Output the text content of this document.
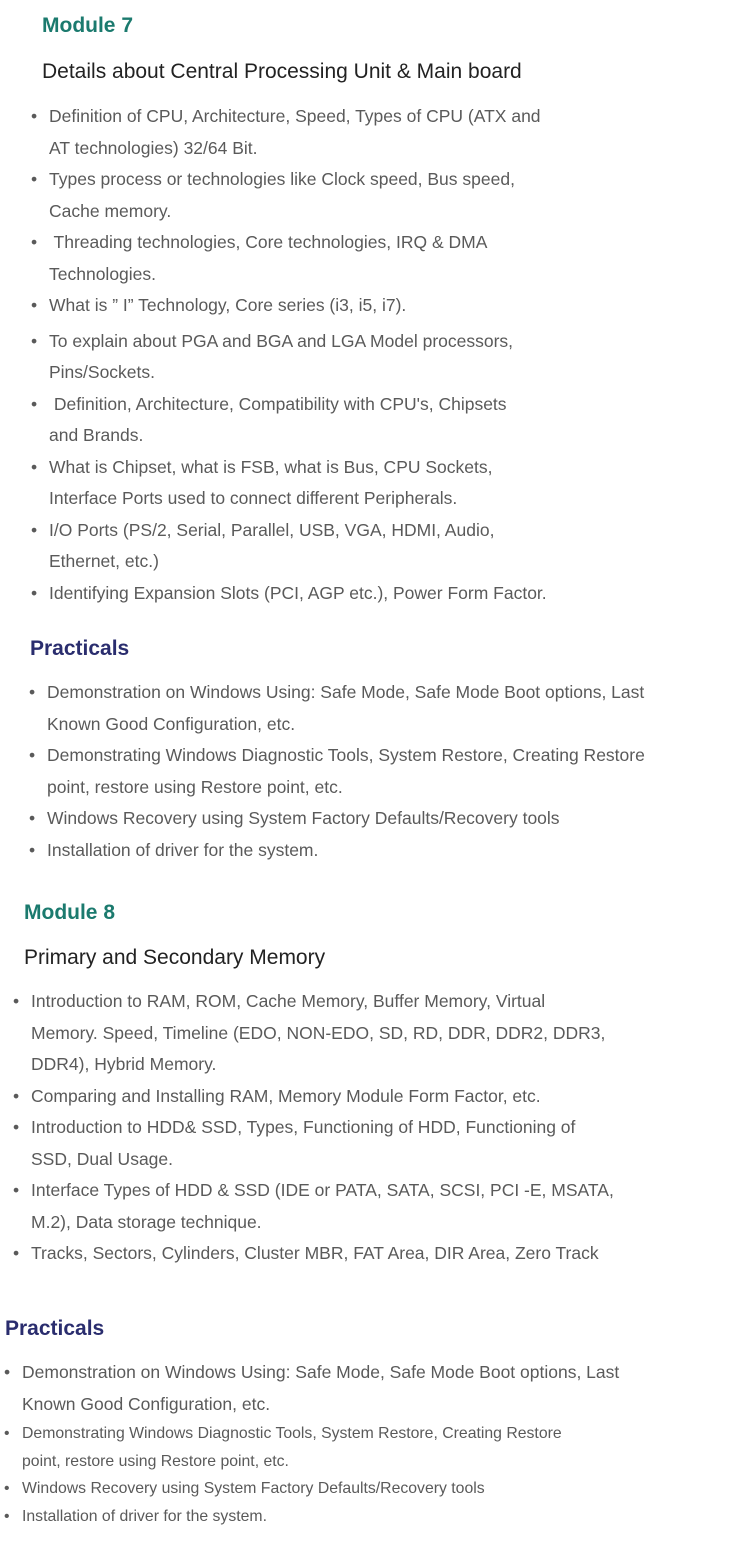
Module 7
Details about Central Processing Unit & Main board
• Definition of CPU, Architecture, Speed, Types of CPU (ATX and
AT technologies) 32/64 Bit.
• Types process or technologies like Clock speed, Bus speed,
Cache memory.
•  Threading technologies, Core technologies, IRQ & DMA
Technologies.
• What is ” I” Technology, Core series (i3, i5, i7).
• To explain about PGA and BGA and LGA Model processors,
Pins/Sockets.
•  Definition, Architecture, Compatibility with CPU's, Chipsets
and Brands.
• What is Chipset, what is FSB, what is Bus, CPU Sockets,
Interface Ports used to connect different Peripherals.
• I/O Ports (PS/2, Serial, Parallel, USB, VGA, HDMI, Audio,
Ethernet, etc.)
• Identifying Expansion Slots (PCI, AGP etc.), Power Form Factor.
Practicals
• Demonstration on Windows Using: Safe Mode, Safe Mode Boot options, Last
Known Good Configuration, etc.
• Demonstrating Windows Diagnostic Tools, System Restore, Creating Restore
point, restore using Restore point, etc.
• Windows Recovery using System Factory Defaults/Recovery tools
• Installation of driver for the system.
Module 8
Primary and Secondary Memory
• Introduction to RAM, ROM, Cache Memory, Buffer Memory, Virtual
Memory. Speed, Timeline (EDO, NON-EDO, SD, RD, DDR, DDR2, DDR3,
DDR4), Hybrid Memory.
• Comparing and Installing RAM, Memory Module Form Factor, etc.
• Introduction to HDD& SSD, Types, Functioning of HDD, Functioning of
SSD, Dual Usage.
• Interface Types of HDD & SSD (IDE or PATA, SATA, SCSI, PCI -E, MSATA,
M.2), Data storage technique.
• Tracks, Sectors, Cylinders, Cluster MBR, FAT Area, DIR Area, Zero Track
Practicals
• Demonstration on Windows Using: Safe Mode, Safe Mode Boot options, Last
Known Good Configuration, etc.
• Demonstrating Windows Diagnostic Tools, System Restore, Creating Restore
point, restore using Restore point, etc.
• Windows Recovery using System Factory Defaults/Recovery tools
• Installation of driver for the system.
